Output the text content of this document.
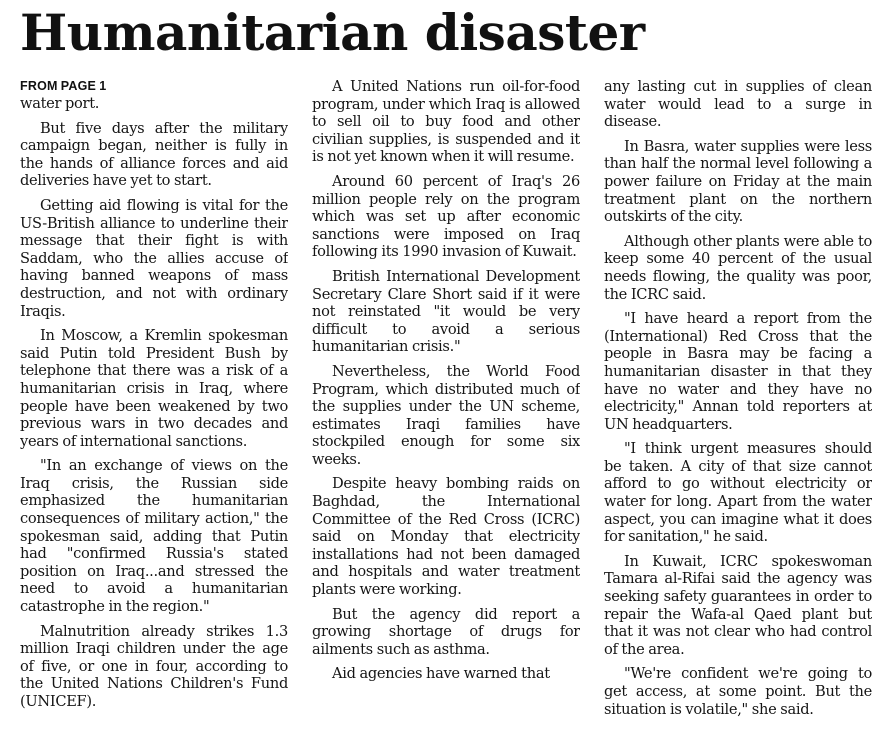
Humanitarian disaster
FROM PAGE 1

water port.

But five days after the military campaign began, neither is fully in the hands of alliance forces and aid deliveries have yet to start.

Getting aid flowing is vital for the US-British alliance to underline their message that their fight is with Saddam, who the allies accuse of having banned weapons of mass destruction, and not with ordinary Iraqis.

In Moscow, a Kremlin spokesman said Putin told President Bush by telephone that there was a risk of a humanitarian crisis in Iraq, where people have been weakened by two previous wars in two decades and years of international sanctions.

"In an exchange of views on the Iraq crisis, the Russian side emphasized the humanitarian consequences of military action," the spokesman said, adding that Putin had "confirmed Russia's stated position on Iraq...and stressed the need to avoid a humanitarian catastrophe in the region."

Malnutrition already strikes 1.3 million Iraqi children under the age of five, or one in four, according to the United Nations Children's Fund (UNICEF).

A United Nations run oil-for-food program, under which Iraq is allowed to sell oil to buy food and other civilian supplies, is suspended and it is not yet known when it will resume.

Around 60 percent of Iraq's 26 million people rely on the program which was set up after economic sanctions were imposed on Iraq following its 1990 invasion of Kuwait.

British International Development Secretary Clare Short said if it were not reinstated "it would be very difficult to avoid a serious humanitarian crisis."

Nevertheless, the World Food Program, which distributed much of the supplies under the UN scheme, estimates Iraqi families have stockpiled enough for some six weeks.

Despite heavy bombing raids on Baghdad, the International Committee of the Red Cross (ICRC) said on Monday that electricity installations had not been damaged and hospitals and water treatment plants were working.

But the agency did report a growing shortage of drugs for ailments such as asthma.

Aid agencies have warned that

any lasting cut in supplies of clean water would lead to a surge in disease.

In Basra, water supplies were less than half the normal level following a power failure on Friday at the main treatment plant on the northern outskirts of the city.

Although other plants were able to keep some 40 percent of the usual needs flowing, the quality was poor, the ICRC said.

"I have heard a report from the (International) Red Cross that the people in Basra may be facing a humanitarian disaster in that they have no water and they have no electricity," Annan told reporters at UN headquarters.

"I think urgent measures should be taken. A city of that size cannot afford to go without electricity or water for long. Apart from the water aspect, you can imagine what it does for sanitation," he said.

In Kuwait, ICRC spokeswoman Tamara al-Rifai said the agency was seeking safety guarantees in order to repair the Wafa-al Qaed plant but that it was not clear who had control of the area.

"We're confident we're going to get access, at some point. But the situation is volatile," she said.
